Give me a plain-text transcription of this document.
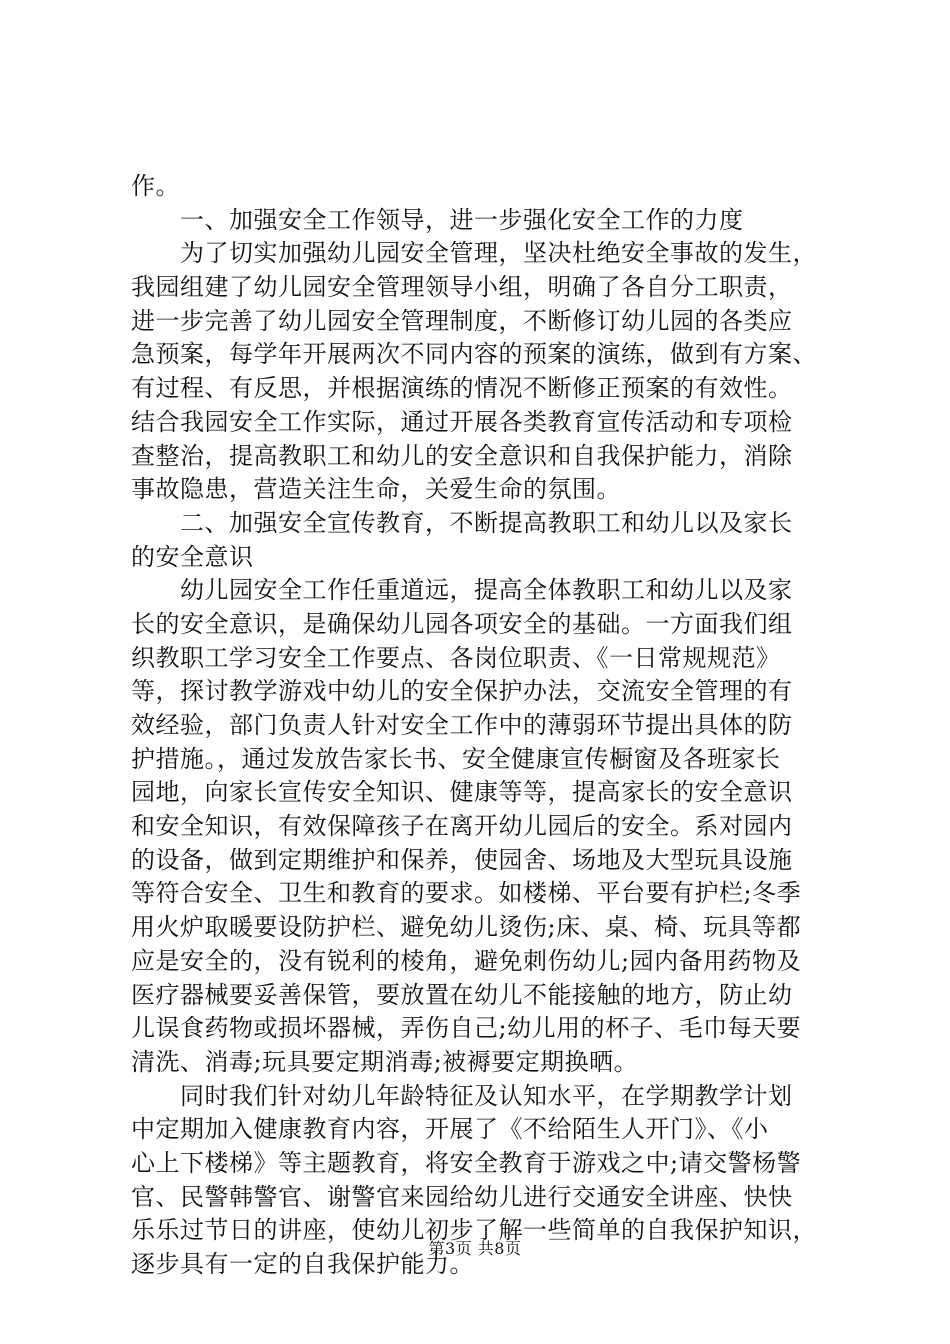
作。
　　一、加强安全工作领导，进一步强化安全工作的力度
　　为了切实加强幼儿园安全管理，坚决杜绝安全事故的发生，
我园组建了幼儿园安全管理领导小组，明确了各自分工职责，
进一步完善了幼儿园安全管理制度，不断修订幼儿园的各类应
急预案，每学年开展两次不同内容的预案的演练，做到有方案、
有过程、有反思，并根据演练的情况不断修正预案的有效性。
结合我园安全工作实际，通过开展各类教育宣传活动和专项检
查整治，提高教职工和幼儿的安全意识和自我保护能力，消除
事故隐患，营造关注生命，关爱生命的氛围。
　　二、加强安全宣传教育，不断提高教职工和幼儿以及家长
的安全意识
　　幼儿园安全工作任重道远，提高全体教职工和幼儿以及家
长的安全意识，是确保幼儿园各项安全的基础。一方面我们组
织教职工学习安全工作要点、各岗位职责、《一日常规规范》
等，探讨教学游戏中幼儿的安全保护办法，交流安全管理的有
效经验，部门负责人针对安全工作中的薄弱环节提出具体的防
护措施。，通过发放告家长书、安全健康宣传橱窗及各班家长
园地，向家长宣传安全知识、健康等等，提高家长的安全意识
和安全知识，有效保障孩子在离开幼儿园后的安全。系对园内
的设备，做到定期维护和保养，使园舍、场地及大型玩具设施
等符合安全、卫生和教育的要求。如楼梯、平台要有护栏;冬季
用火炉取暖要设防护栏、避免幼儿烫伤;床、桌、椅、玩具等都
应是安全的，没有锐利的棱角，避免刺伤幼儿;园内备用药物及
医疗器械要妥善保管，要放置在幼儿不能接触的地方，防止幼
儿误食药物或损坏器械，弄伤自己;幼儿用的杯子、毛巾每天要
清洗、消毒;玩具要定期消毒;被褥要定期换晒。
　　同时我们针对幼儿年龄特征及认知水平，在学期教学计划
中定期加入健康教育内容，开展了《不给陌生人开门》、《小
心上下楼梯》等主题教育，将安全教育于游戏之中;请交警杨警
官、民警韩警官、谢警官来园给幼儿进行交通安全讲座、快快
乐乐过节日的讲座，使幼儿初步了解一些简单的自我保护知识，
逐步具有一定的自我保护能力。
第3页 共8页
